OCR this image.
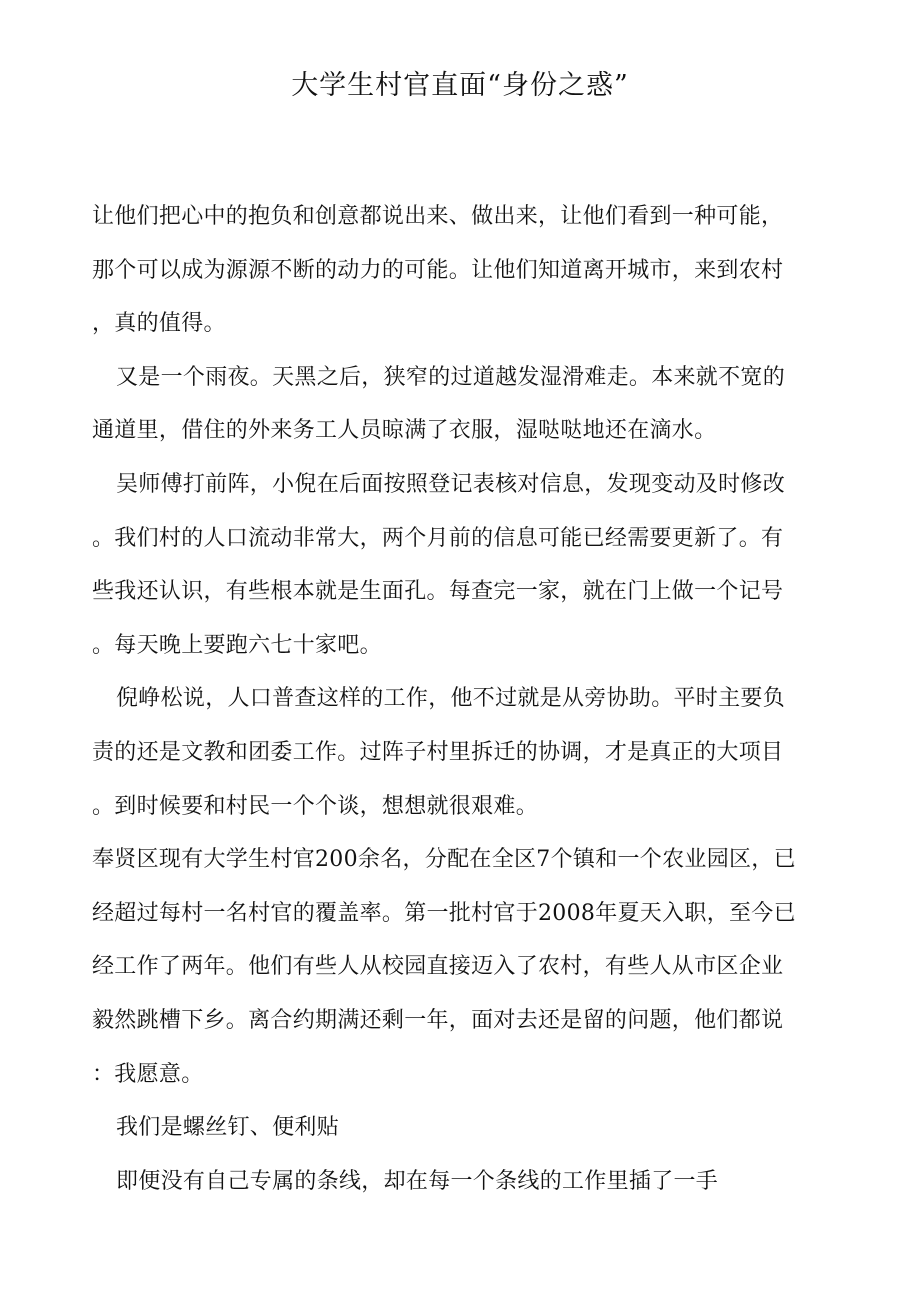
大学生村官直面“身份之惑”
让他们把心中的抱负和创意都说出来、做出来，让他们看到一种可能，
那个可以成为源源不断的动力的可能。让他们知道离开城市，来到农村
，真的值得。
又是一个雨夜。天黑之后，狭窄的过道越发湿滑难走。本来就不宽的
通道里，借住的外来务工人员晾满了衣服，湿哒哒地还在滴水。
吴师傅打前阵，小倪在后面按照登记表核对信息，发现变动及时修改
。我们村的人口流动非常大，两个月前的信息可能已经需要更新了。有
些我还认识，有些根本就是生面孔。每查完一家，就在门上做一个记号
。每天晚上要跑六七十家吧。
倪峥松说，人口普查这样的工作，他不过就是从旁协助。平时主要负
责的还是文教和团委工作。过阵子村里拆迁的协调，才是真正的大项目
。到时候要和村民一个个谈，想想就很艰难。
奉贤区现有大学生村官200余名，分配在全区7个镇和一个农业园区，已
经超过每村一名村官的覆盖率。第一批村官于2008年夏天入职，至今已
经工作了两年。他们有些人从校园直接迈入了农村，有些人从市区企业
毅然跳槽下乡。离合约期满还剩一年，面对去还是留的问题，他们都说
：我愿意。
我们是螺丝钉、便利贴
即便没有自己专属的条线，却在每一个条线的工作里插了一手
